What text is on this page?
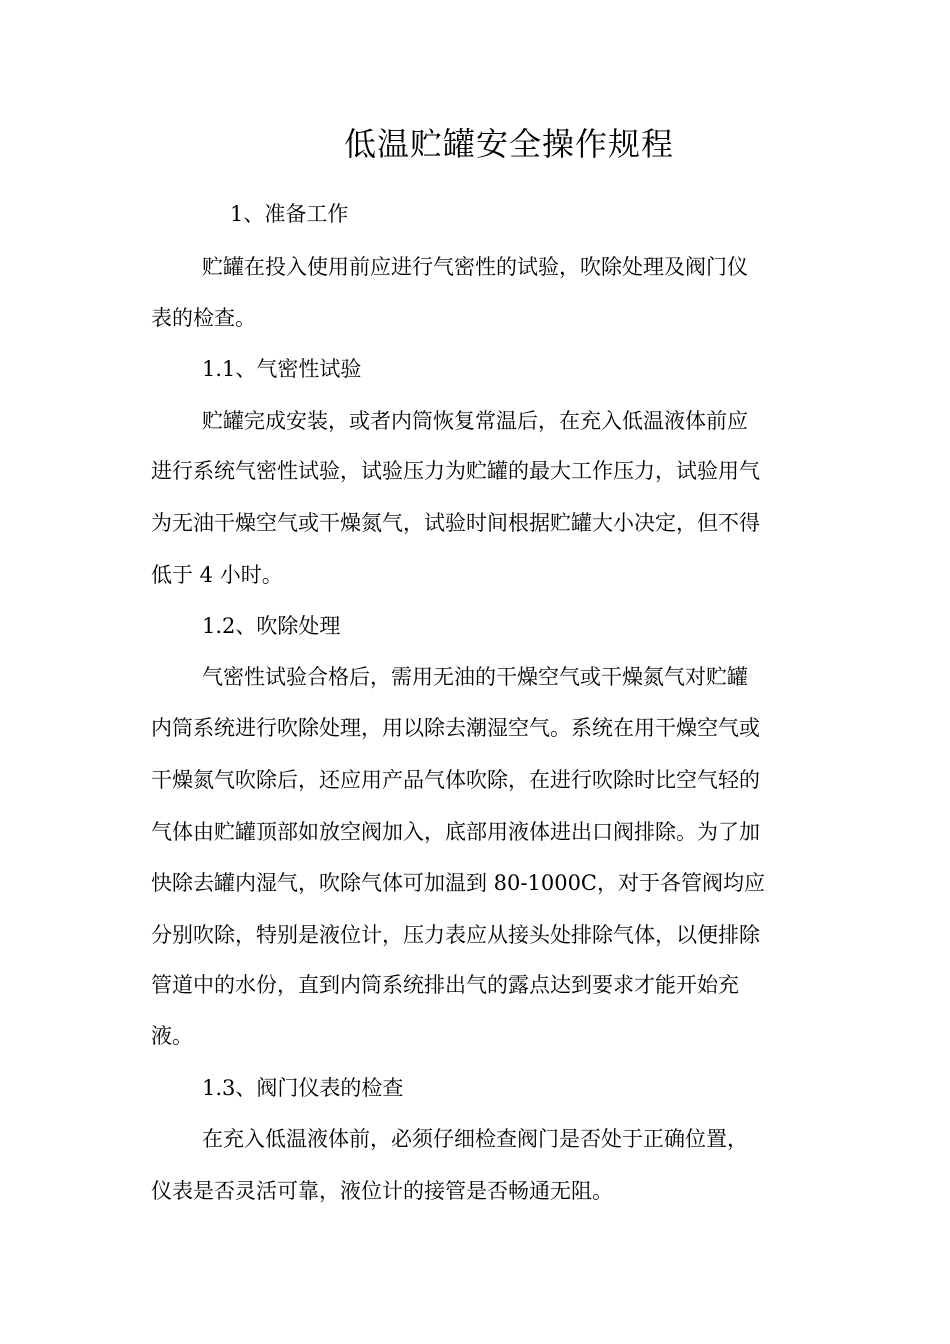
低温贮罐安全操作规程
1、准备工作
贮罐在投入使用前应进行气密性的试验，吹除处理及阀门仪
表的检查。
1.1、气密性试验
贮罐完成安装，或者内筒恢复常温后，在充入低温液体前应
进行系统气密性试验，试验压力为贮罐的最大工作压力，试验用气
为无油干燥空气或干燥氮气，试验时间根据贮罐大小决定，但不得
低于 4 小时。
1.2、吹除处理
气密性试验合格后，需用无油的干燥空气或干燥氮气对贮罐
内筒系统进行吹除处理，用以除去潮湿空气。系统在用干燥空气或
干燥氮气吹除后，还应用产品气体吹除，在进行吹除时比空气轻的
气体由贮罐顶部如放空阀加入，底部用液体进出口阀排除。为了加
快除去罐内湿气，吹除气体可加温到 80-1000C，对于各管阀均应
分别吹除，特别是液位计，压力表应从接头处排除气体，以便排除
管道中的水份，直到内筒系统排出气的露点达到要求才能开始充
液。
1.3、阀门仪表的检查
在充入低温液体前，必须仔细检查阀门是否处于正确位置，
仪表是否灵活可靠，液位计的接管是否畅通无阻。
